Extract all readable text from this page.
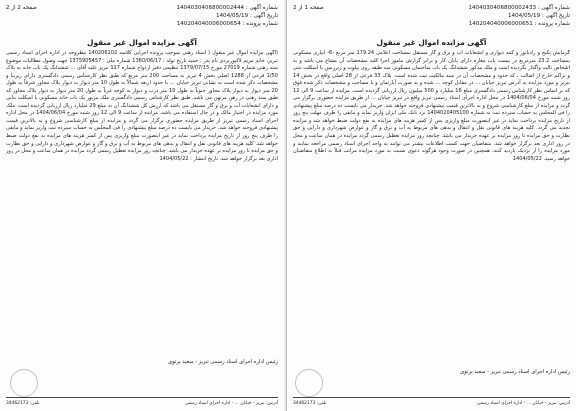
شماره آگهی : 1404030406800002433
تاریخ آگهی : 1404/05/19
شماره پرونده : 140204040006000651
صفحه 1 از 2
آگهی مزایده اموال غیر منقول
گرمایش پکیج و رادیاتور و کمد دیواری و انشعابات آب و برق و گاز مستقل بمساحت اعلامی 179.24 متر مربع -6- انباری مسکونی بمساحت 23.2 مترمربع در بیست باب مغازه دارای پایان کار و برابر گزارش مامور اجرا کلیه مشخصات آن مشاع می باشد و به اشخاص ثالث واگذار نگردیده است و ملک مذکور ششدانگ یک باب ساختمان مسکونی سه طبقه روی پیلوت و زیرزمین با اسکلت بتنی و تراکم خارج از اصالت ، که حدود و مشخصات آن در سند مالکیت ثبت شده است. پلاک 33 فرعی از 28 اصلی واقع در بخش 14 تبریز و مورد مزایده به آدرس تبریز خیابان ... در مقابل کوچه ... شده و به صورت آپارتمان و با مساحت و مشخصات ذکر شده فوق که بر اساس نظر کارشناس رسمی دادگستری مبلغ 16 میلیارد و 500 میلیون ریال ارزیابی گردیده است. مزایده از ساعت 9 الی 12 روز شنبه مورخ 1404/06/04 در محل اداره اجرای اسناد رسمی تبریز واقع در تبریز خیابان ... از طریق مزایده حضوری برگزار می گردد و مزایده از مبلغ کارشناسی شروع و به بالاترین قیمت پیشنهادی فروخته خواهد شد. خریدار می بایست ده درصد مبلغ پیشنهادی را فی المجلس به حساب سپرده ثبت به شماره 1404020405100 نزد بانک ملی ایران واریز نماید و مابقی را ظرف مهلت پنج روز از تاریخ مزایده پرداخت نماید در غیر اینصورت مبلغ واریزی پس از کسر هزینه های مزایده به نفع دولت ضبط خواهد شد و مزایده تجدید می گردد. کلیه هزینه های قانونی نقل و انتقال و بدهی های مربوط به آب و برق و گاز و عوارض شهرداری و دارایی و حق نظارت و حق مزایده تا روز مزایده بر عهده خریدار می باشد. چنانچه روز مزایده تعطیل رسمی گردد مزایده در همان ساعت و محل در روز اداری بعد برگزار خواهد شد. متقاضیان جهت کسب اطلاعات بیشتر می توانند به واحد اجرای اسناد رسمی مراجعه نمایند و مورد مزایده را از نزدیک بازدید کنند. همچنین در صورت وجود هرگونه دعوی نسبت به مورد مزایده مراتب قبلاً به اطلاع متقاضیان خواهد رسید. 1404/05/22
رئیس اداره اجرای اسناد رسمی تبریز - سعید پرتوی
آدرس: تبریز - خیابان ... - اداره اجرای اسناد رسمی
تلفن: 34462173
شماره آگهی : 1404030406800002444
تاریخ آگهی : 1404/05/19
شماره پرونده : 140204040006000654
صفحه 2 از 2
آگهی مزایده اموال غیر منقول
(آگهی مزایده اموال غیر منقول ( اسناد رهنی بموجب پرونده اجرایی کلاسه 140206102 مطروحه در اداره اجرای اسناد رسمی تبریز، خانم مریم لاکپوریزدی نام پدر : حمید تاریخ تولد : 1360/06/17 شماره ملی : 1375905457 جهت وصول مطالبات موضوع سند رهنی شماره 27019 مورخ 1379/07/15 تنظیمی دفتر ازدواج شماره 117 تبریز علیه آقای ... ششدانگ یک باب خانه به پلاک 1/50 فرعی از 1288 اصلی بخش 4 تبریز به مساحت 200 متر مربع که طبق نظر کارشناس رسمی دادگستری دارای زیربنا و مشخصات ذکر شده است به نشانی تبریز خیابان ... با حدود اربعه شمالاً به طول 10 متر دیوار به دیوار پلاک مجاور شرقاً به طول 20 متر دیوار به دیوار پلاک مجاور جنوباً به طول 10 متر درب و دیوار به کوچه غرباً به طول 20 متر دیوار به دیوار پلاک مجاور که طبق سند رهنی در رهن مرتهن می باشد. طبق نظر کارشناس رسمی دادگستری ملک مزبور یک باب خانه مسکونی با اسکلت بنایی و دارای انشعابات آب و برق و گاز مستقل می باشد که ارزش کل ششدانگ آن به مبلغ 29 میلیارد ریال ارزیابی گردیده است. ملک مورد مزایده در اختیار مالک و در حال استفاده می باشد. مزایده از ساعت 9 الی 12 روز شنبه مورخ 1404/06/04 در محل اداره اجرای اسناد رسمی تبریز از طریق مزایده حضوری برگزار می گردد و مزایده از مبلغ کارشناسی شروع و به بالاترین قیمت پیشنهادی فروخته خواهد شد. خریدار می بایست ده درصد مبلغ پیشنهادی را فی المجلس به حساب سپرده ثبت واریز نماید و مابقی را ظرف پنج روز از تاریخ مزایده پرداخت نماید در غیر اینصورت مبلغ واریزی پس از کسر هزینه های مزایده به نفع دولت ضبط خواهد شد. کلیه هزینه های قانونی نقل و انتقال و بدهی های مربوط به آب و برق و گاز و عوارض شهرداری و دارایی و حق نظارت و حق مزایده تا روز مزایده بر عهده خریدار می باشد. چنانچه روز مزایده تعطیل رسمی گردد مزایده در همان ساعت و محل در روز اداری بعد برگزار خواهد شد. تاریخ انتشار : 1404/05/22
رئیس اداره اجرای اسناد رسمی تبریز - سعید پرتوی
آدرس: تبریز - خیابان ... - اداره اجرای اسناد رسمی
تلفن: 34462173
